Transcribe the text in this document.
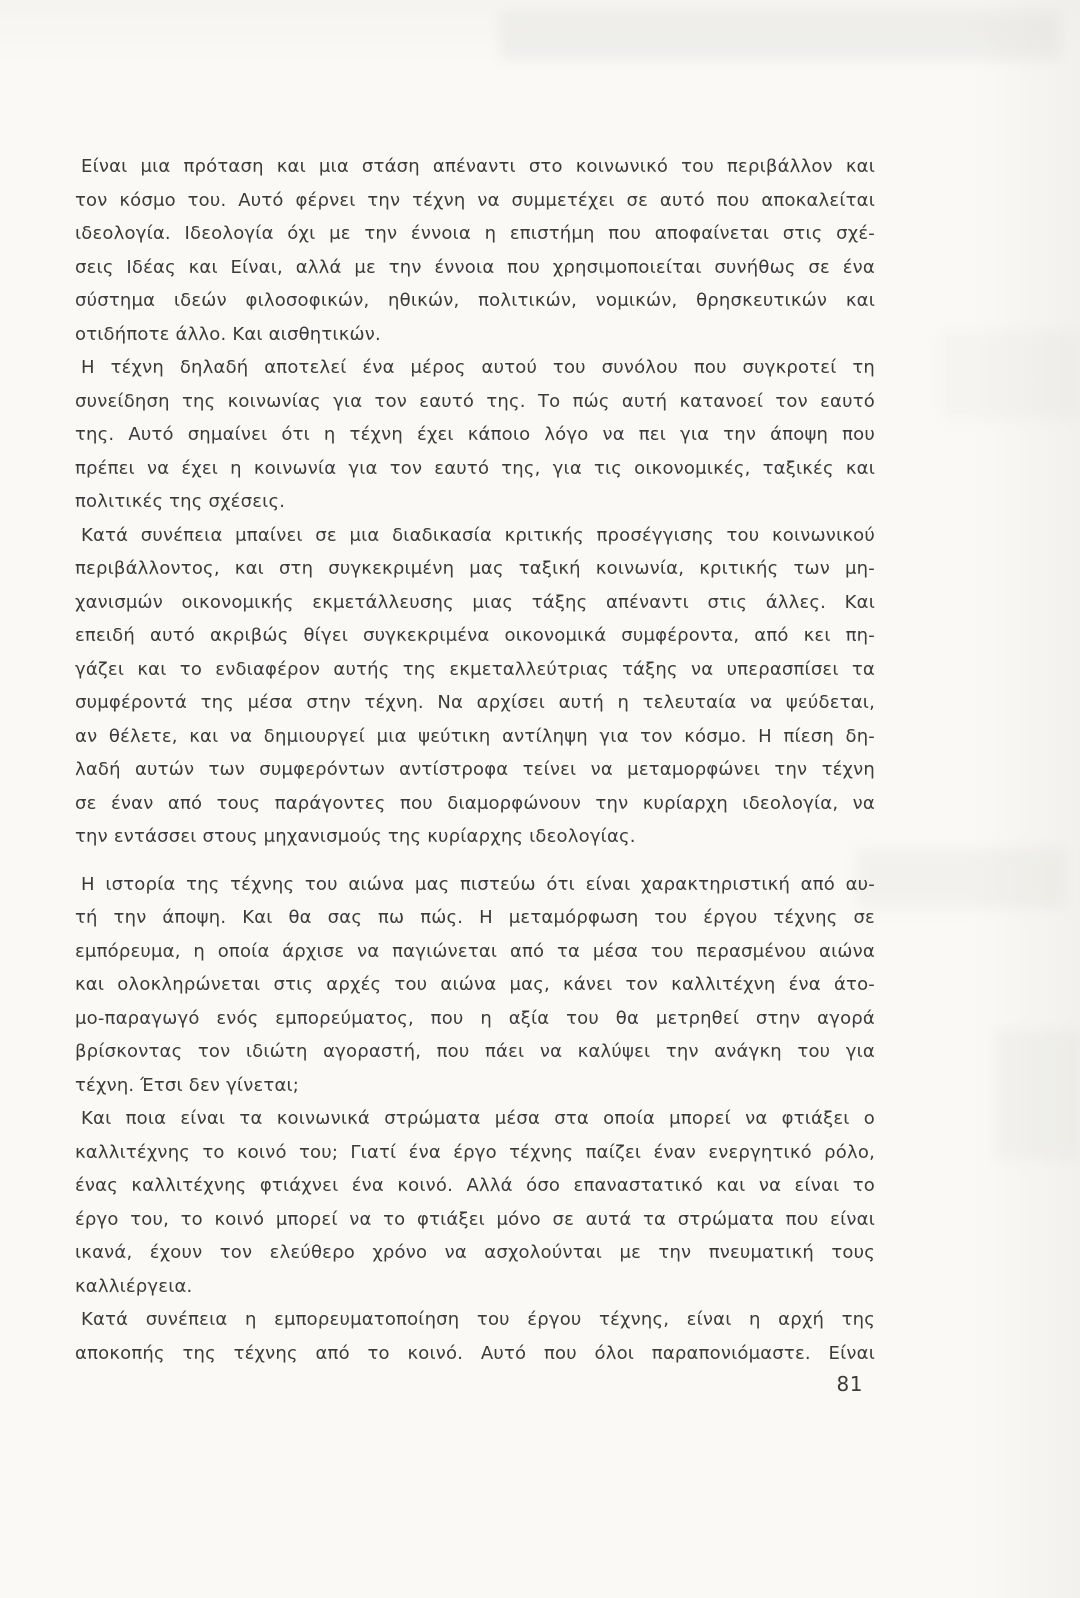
Είναι μια πρόταση και μια στάση απέναντι στο κοινωνικό του περιβάλλον και
τον κόσμο του. Αυτό φέρνει την τέχνη να συμμετέχει σε αυτό που αποκαλείται
ιδεολογία. Ιδεολογία όχι με την έννοια η επιστήμη που αποφαίνεται στις σχέ-
σεις Ιδέας και Είναι, αλλά με την έννοια που χρησιμοποιείται συνήθως σε ένα
σύστημα ιδεών φιλοσοφικών, ηθικών, πολιτικών, νομικών, θρησκευτικών και
οτιδήποτε άλλο. Και αισθητικών.
Η τέχνη δηλαδή αποτελεί ένα μέρος αυτού του συνόλου που συγκροτεί τη
συνείδηση της κοινωνίας για τον εαυτό της. Το πώς αυτή κατανοεί τον εαυτό
της. Αυτό σημαίνει ότι η τέχνη έχει κάποιο λόγο να πει για την άποψη που
πρέπει να έχει η κοινωνία για τον εαυτό της, για τις οικονομικές, ταξικές και
πολιτικές της σχέσεις.
Κατά συνέπεια μπαίνει σε μια διαδικασία κριτικής προσέγγισης του κοινωνικού
περιβάλλοντος, και στη συγκεκριμένη μας ταξική κοινωνία, κριτικής των μη-
χανισμών οικονομικής εκμετάλλευσης μιας τάξης απέναντι στις άλλες. Και
επειδή αυτό ακριβώς θίγει συγκεκριμένα οικονομικά συμφέροντα, από κει πη-
γάζει και το ενδιαφέρον αυτής της εκμεταλλεύτριας τάξης να υπερασπίσει τα
συμφέροντά της μέσα στην τέχνη. Να αρχίσει αυτή η τελευταία να ψεύδεται,
αν θέλετε, και να δημιουργεί μια ψεύτικη αντίληψη για τον κόσμο. Η πίεση δη-
λαδή αυτών των συμφερόντων αντίστροφα τείνει να μεταμορφώνει την τέχνη
σε έναν από τους παράγοντες που διαμορφώνουν την κυρίαρχη ιδεολογία, να
την εντάσσει στους μηχανισμούς της κυρίαρχης ιδεολογίας.
Η ιστορία της τέχνης του αιώνα μας πιστεύω ότι είναι χαρακτηριστική από αυ-
τή την άποψη. Και θα σας πω πώς. Η μεταμόρφωση του έργου τέχνης σε
εμπόρευμα, η οποία άρχισε να παγιώνεται από τα μέσα του περασμένου αιώνα
και ολοκληρώνεται στις αρχές του αιώνα μας, κάνει τον καλλιτέχνη ένα άτο-
μο-παραγωγό ενός εμπορεύματος, που η αξία του θα μετρηθεί στην αγορά
βρίσκοντας τον ιδιώτη αγοραστή, που πάει να καλύψει την ανάγκη του για
τέχνη. Έτσι δεν γίνεται;
Και ποια είναι τα κοινωνικά στρώματα μέσα στα οποία μπορεί να φτιάξει ο
καλλιτέχνης το κοινό του; Γιατί ένα έργο τέχνης παίζει έναν ενεργητικό ρόλο,
ένας καλλιτέχνης φτιάχνει ένα κοινό. Αλλά όσο επαναστατικό και να είναι το
έργο του, το κοινό μπορεί να το φτιάξει μόνο σε αυτά τα στρώματα που είναι
ικανά, έχουν τον ελεύθερο χρόνο να ασχολούνται με την πνευματική τους
καλλιέργεια.
Κατά συνέπεια η εμπορευματοποίηση του έργου τέχνης, είναι η αρχή της
αποκοπής της τέχνης από το κοινό. Αυτό που όλοι παραπονιόμαστε. Είναι
81
